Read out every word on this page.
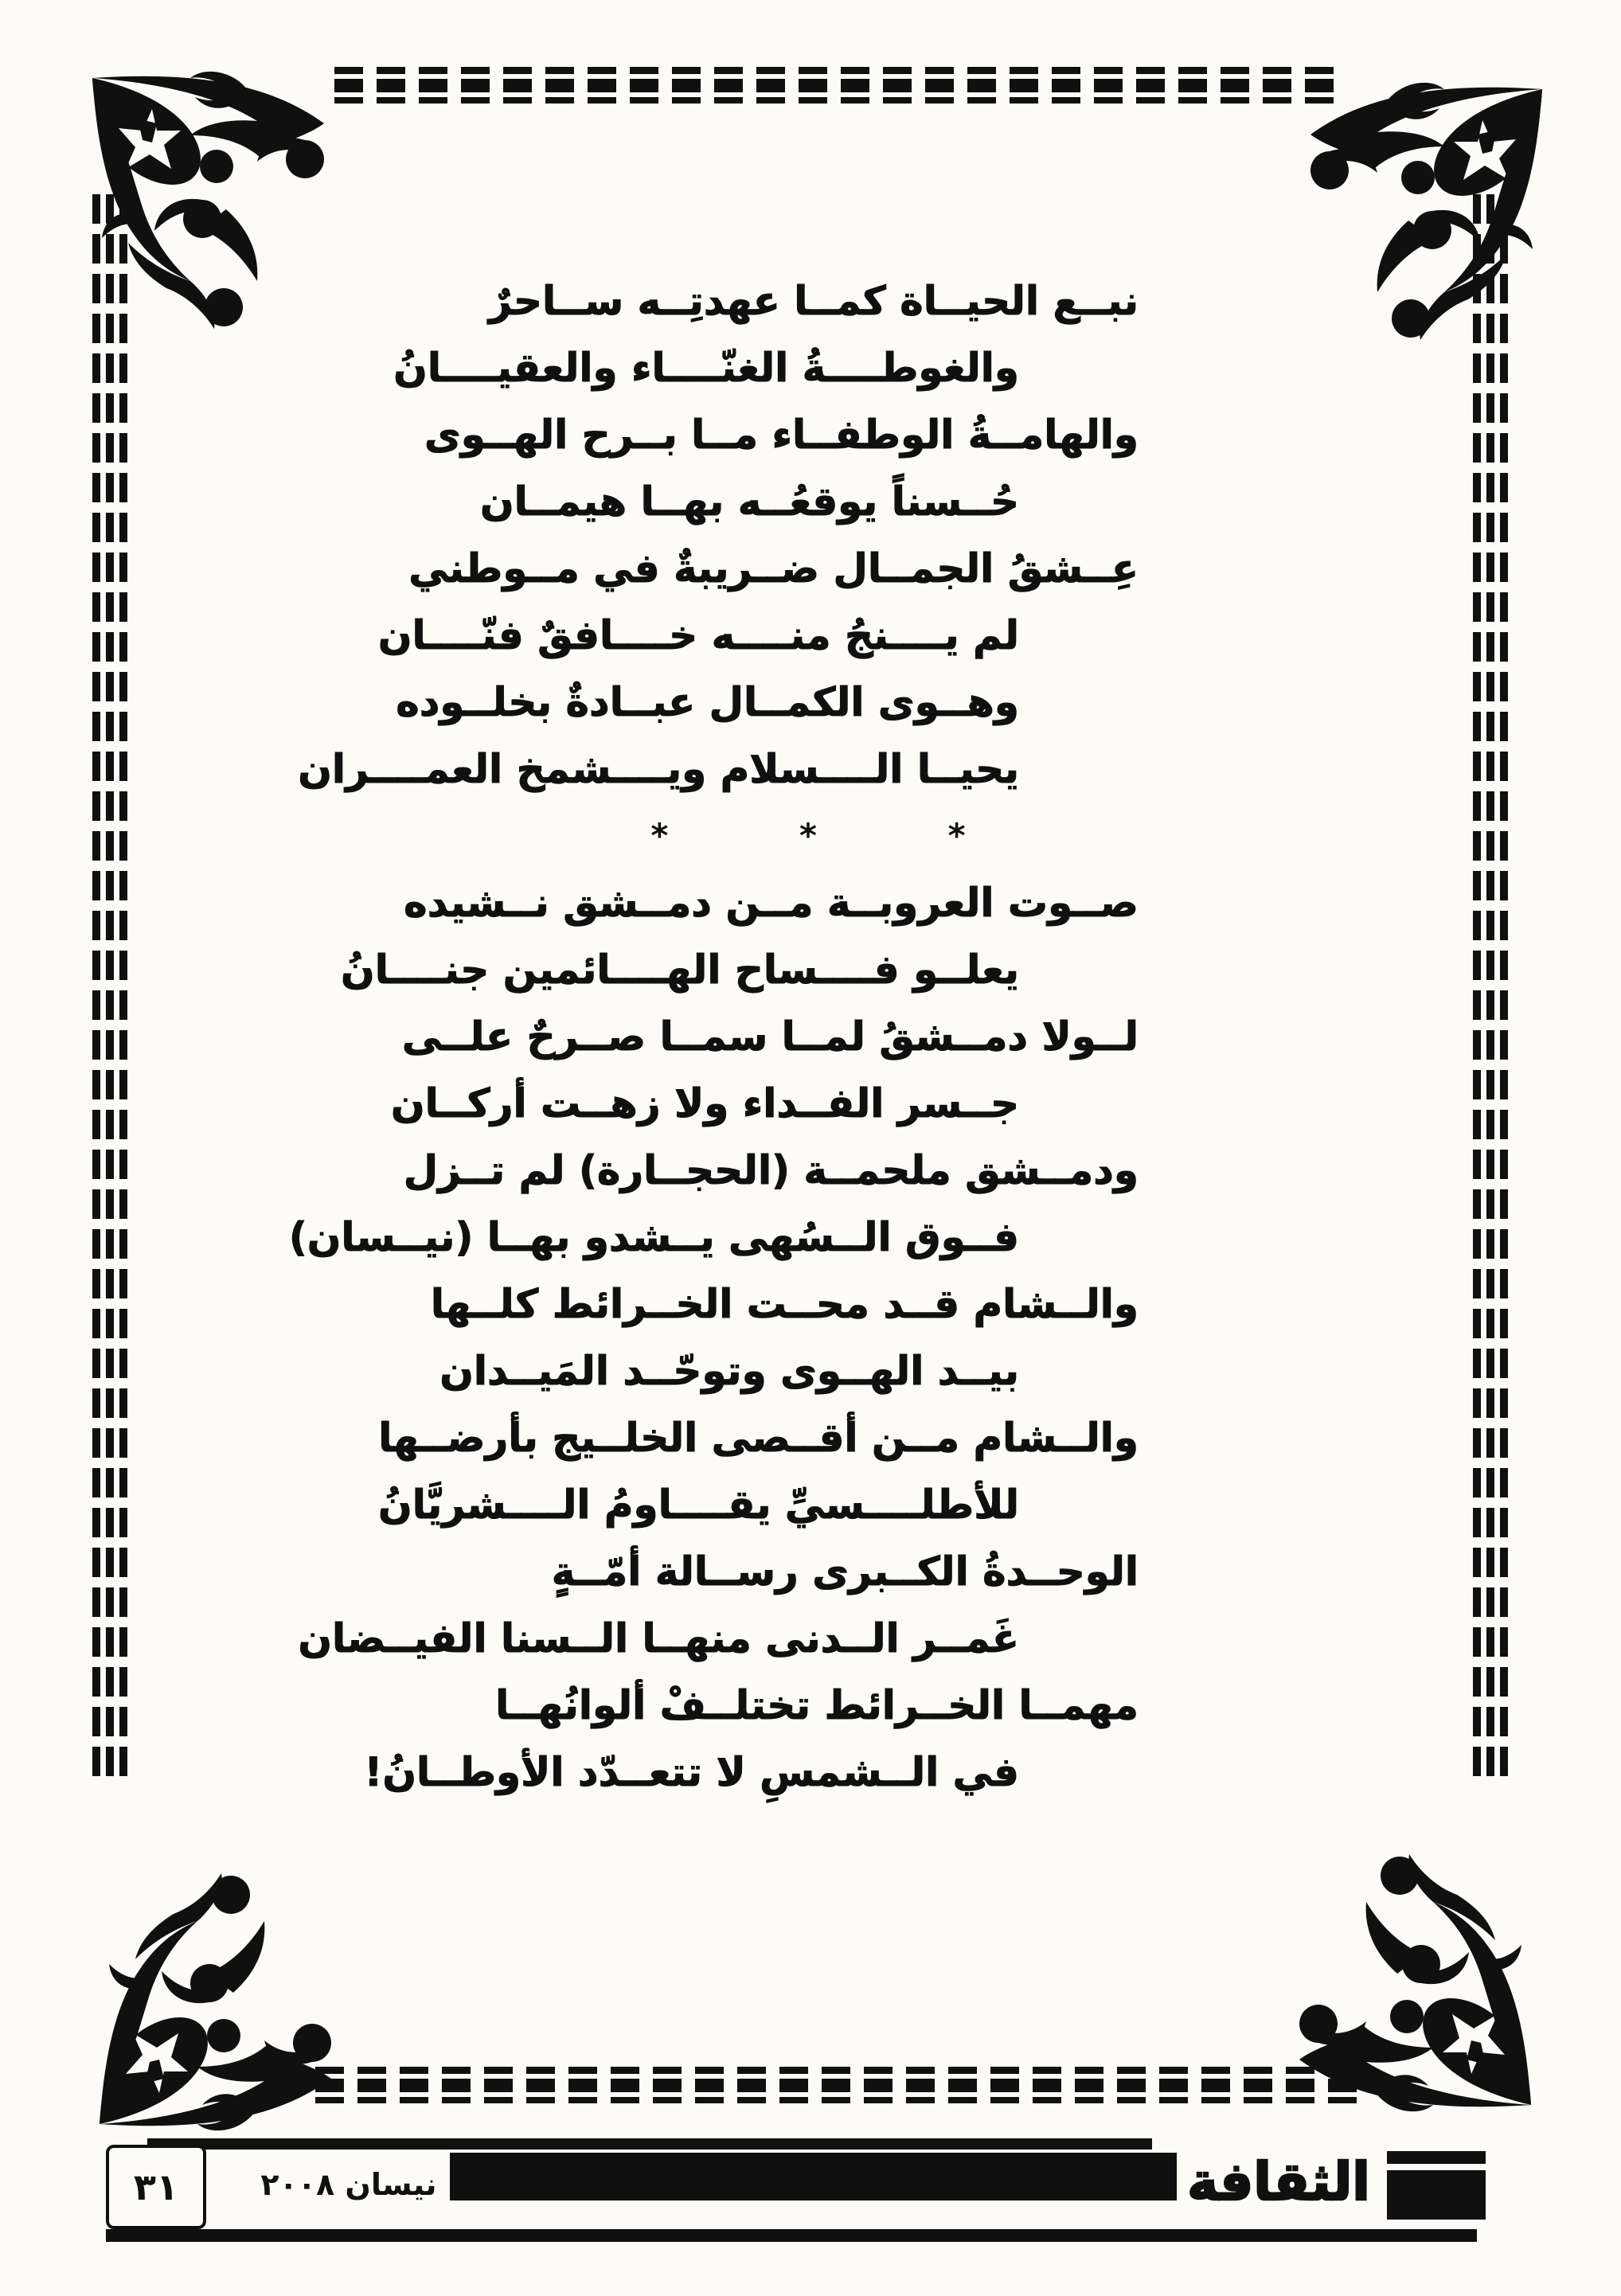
نبــع الحيــاة كمــا عهدتِــه ســاحرٌ
والغوطــــةُ الغنّــــاء والعقيــــانُ
والهامــةُ الوطفــاء مــا بــرح الهــوى
حُــسناً يوقعُــه بهــا هيمــان
عِــشقُ الجمــال ضــريبةٌ في مــوطني
لم يــــنجُ منــــه خــــافقٌ فنّــــان
وهــوى الكمــال عبــادةٌ بخلــوده
يحيــا الــــسلام ويــــشمخ العمــــران
* * *
صــوت العروبــة مــن دمــشق نــشيده
يعلــو فــــساح الهــــائمين جنــــانُ
لــولا دمــشقُ لمــا سمــا صــرحٌ علــى
جــسر الفــداء ولا زهــت أركــان
ودمــشق ملحمــة (الحجــارة) لم تــزل
فــوق الــسُهى يــشدو بهــا (نيــسان)
والــشام قــد محــت الخــرائط كلــها
بيــد الهــوى وتوحّــد المَيــدان
والــشام مــن أقــصى الخلــيج بأرضــها
للأطلــــسيِّ يقــــاومُ الــــشريَّانُ
الوحــدةُ الكــبرى رســالة أمّــةٍ
غَمــر الــدنى منهــا الــسنا الفيــضان
مهمــا الخــرائط تختلــفْ ألوانُهــا
في الــشمسِ لا تتعــدّد الأوطــانُ!
٣١	نيسان ٢٠٠٨	الثقافة
